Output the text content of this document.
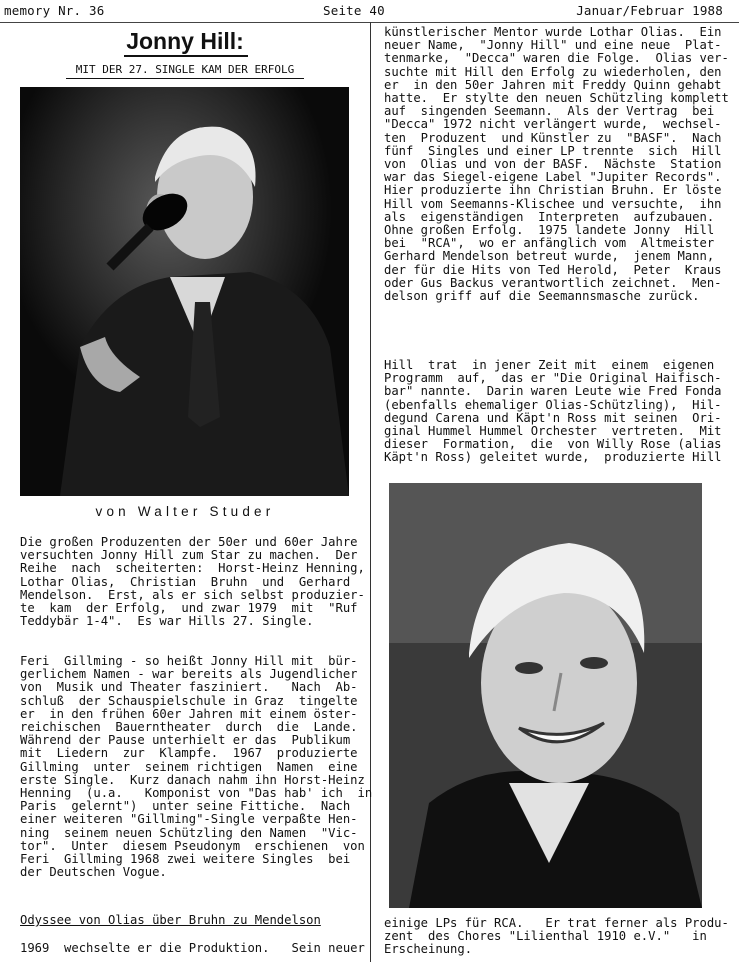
memory Nr. 36	Seite 40	Januar/Februar 1988
Jonny Hill:
MIT DER 27. SINGLE KAM DER ERFOLG
von Walter Studer
Die großen Produzenten der 50er und 60er Jahre
versuchten Jonny Hill zum Star zu machen.  Der
Reihe  nach  scheiterten:  Horst-Heinz Henning,
Lothar Olias,  Christian  Bruhn  und  Gerhard
Mendelson.  Erst, als er sich selbst produzier-
te  kam  der Erfolg,  und zwar 1979  mit  "Ruf
Teddybär 1-4".  Es war Hills 27. Single.
Feri  Gillming - so heißt Jonny Hill mit  bür-
gerlichem Namen - war bereits als Jugendlicher
von  Musik und Theater fasziniert.   Nach  Ab-
schluß  der Schauspielschule in Graz  tingelte
er  in den frühen 60er Jahren mit einem öster-
reichischen  Bauerntheater  durch  die  Lande.
Während der Pause unterhielt er das  Publikum
mit  Liedern  zur  Klampfe.  1967  produzierte
Gillming  unter  seinem richtigen  Namen  eine
erste Single.  Kurz danach nahm ihn Horst-Heinz
Henning  (u.a.   Komponist von "Das hab' ich  in
Paris  gelernt")  unter seine Fittiche.  Nach
einer weiteren "Gillming"-Single verpaßte Hen-
ning  seinem neuen Schützling den Namen  "Vic-
tor".  Unter  diesem Pseudonym  erschienen  von
Feri  Gillming 1968 zwei weitere Singles  bei
der Deutschen Vogue.
Odyssee von Olias über Bruhn zu Mendelson
1969  wechselte er die Produktion.   Sein neuer
künstlerischer Mentor wurde Lothar Olias.  Ein
neuer Name,  "Jonny Hill" und eine neue  Plat-
tenmarke,  "Decca" waren die Folge.  Olias ver-
suchte mit Hill den Erfolg zu wiederholen, den
er  in den 50er Jahren mit Freddy Quinn gehabt
hatte.  Er stylte den neuen Schützling komplett
auf  singenden Seemann.  Als der Vertrag  bei
"Decca" 1972 nicht verlängert wurde,  wechsel-
ten  Produzent  und Künstler zu  "BASF".  Nach
fünf  Singles und einer LP trennte  sich  Hill
von  Olias und von der BASF.  Nächste  Station
war das Siegel-eigene Label "Jupiter Records".
Hier produzierte ihn Christian Bruhn. Er löste
Hill vom Seemanns-Klischee und versuchte,  ihn
als  eigenständigen  Interpreten  aufzubauen.
Ohne großen Erfolg.  1975 landete Jonny  Hill
bei  "RCA",  wo er anfänglich vom  Altmeister
Gerhard Mendelson betreut wurde,  jenem Mann,
der für die Hits von Ted Herold,  Peter  Kraus
oder Gus Backus verantwortlich zeichnet.  Men-
delson griff auf die Seemannsmasche zurück.
Hill  trat  in jener Zeit mit  einem  eigenen
Programm  auf,  das er "Die Original Haifisch-
bar" nannte.  Darin waren Leute wie Fred Fonda
(ebenfalls ehemaliger Olias-Schützling),  Hil-
degund Carena und Käpt'n Ross mit seinen  Ori-
ginal Hummel Hummel Orchester  vertreten.  Mit
dieser  Formation,  die  von Willy Rose (alias
Käpt'n Ross) geleitet wurde,  produzierte Hill
einige LPs für RCA.   Er trat ferner als Produ-
zent  des Chores "Lilienthal 1910 e.V."   in
Erscheinung.
